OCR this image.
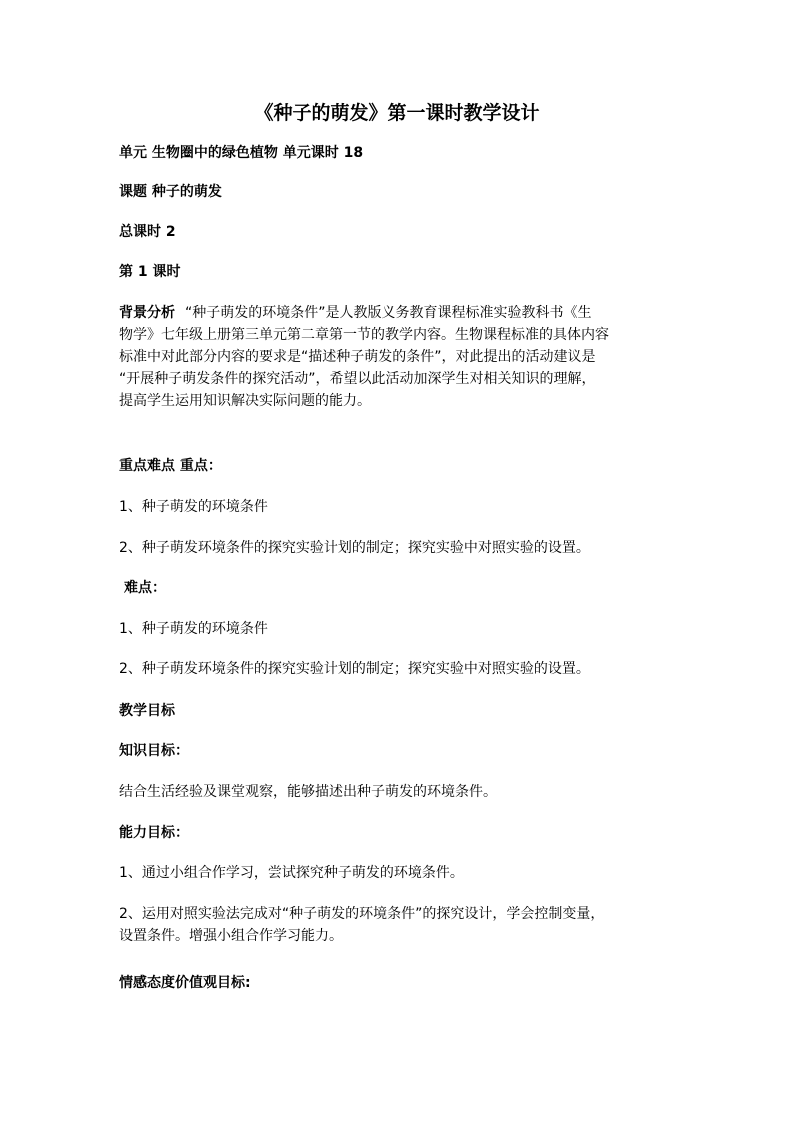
《种子的萌发》第一课时教学设计

单元 生物圈中的绿色植物 单元课时 18

课题 种子的萌发

总课时 2

第 1 课时

背景分析 “种子萌发的环境条件”是人教版义务教育课程标准实验教科书《生
物学》七年级上册第三单元第二章第一节的教学内容。生物课程标准的具体内容
标准中对此部分内容的要求是“描述种子萌发的条件”，对此提出的活动建议是
“开展种子萌发条件的探究活动”，希望以此活动加深学生对相关知识的理解，
提高学生运用知识解决实际问题的能力。

重点难点 重点：

1、种子萌发的环境条件

2、种子萌发环境条件的探究实验计划的制定；探究实验中对照实验的设置。

难点：

1、种子萌发的环境条件

2、种子萌发环境条件的探究实验计划的制定；探究实验中对照实验的设置。

教学目标

知识目标：

结合生活经验及课堂观察，能够描述出种子萌发的环境条件。

能力目标：

1、通过小组合作学习，尝试探究种子萌发的环境条件。

2、运用对照实验法完成对“种子萌发的环境条件”的探究设计，学会控制变量，
设置条件。增强小组合作学习能力。

情感态度价值观目标:
